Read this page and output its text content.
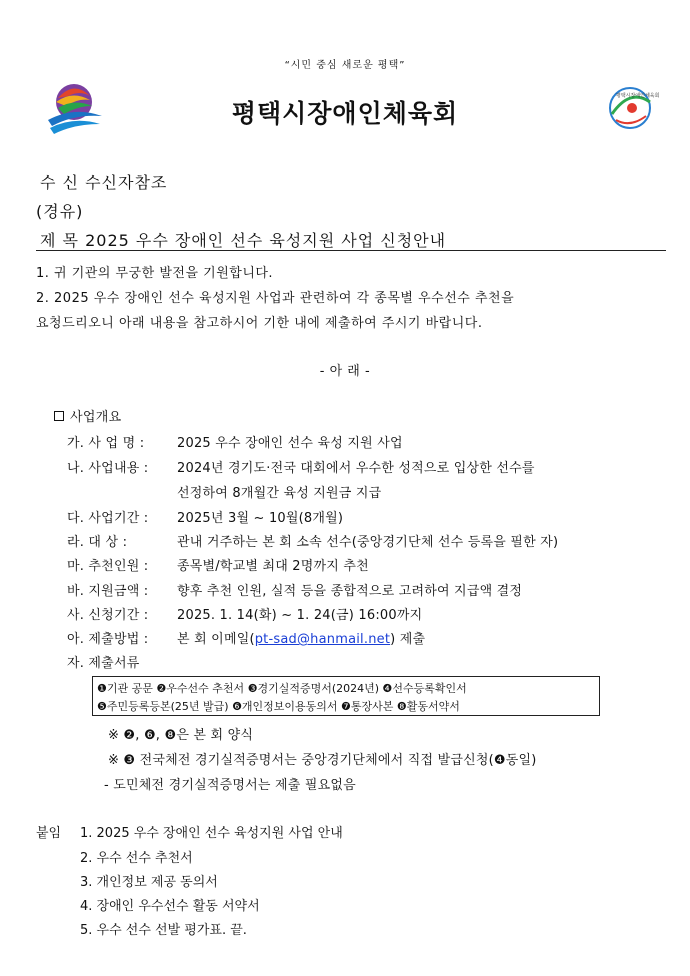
“시민 중심 새로운 평택”
평택시장애인체육회
평택시장애인체육회
수 신 수신자참조
(경유)
제 목 2025 우수 장애인 선수 육성지원 사업 신청안내
1. 귀 기관의 무궁한 발전을 기원합니다.
2. 2025 우수 장애인 선수 육성지원 사업과 관련하여 각 종목별 우수선수 추천을
요청드리오니 아래 내용을 참고하시어 기한 내에 제출하여 주시기 바랍니다.
- 아 래 -
사업개요
가. 사 업 명 :	2025 우수 장애인 선수 육성 지원 사업
나. 사업내용 : 2024년 경기도·전국 대회에서 우수한 성적으로 입상한 선수를
선정하여 8개월간 육성 지원금 지급
다. 사업기간 : 2025년 3월 ~ 10월(8개월)
라. 대 상 :	관내 거주하는 본 회 소속 선수(중앙경기단체 선수 등록을 필한 자)
마. 추천인원 : 종목별/학교별 최대 2명까지 추천
바. 지원금액 : 향후 추천 인원, 실적 등을 종합적으로 고려하여 지급액 결정
사. 신청기간 : 2025. 1. 14(화) ~ 1. 24(금) 16:00까지
아. 제출방법 : 본 회 이메일(pt-sad@hanmail.net) 제출
자. 제출서류
❶기관 공문 ❷우수선수 추천서 ❸경기실적증명서(2024년) ❹선수등록확인서
❺주민등록등본(25년 발급) ❻개인정보이용동의서 ❼통장사본 ❽활동서약서
※ ❷, ❻, ❽은 본 회 양식
※ ❸ 전국체전 경기실적증명서는 중앙경기단체에서 직접 발급신청(❹동일)
- 도민체전 경기실적증명서는 제출 필요없음
붙임 1. 2025 우수 장애인 선수 육성지원 사업 안내
2. 우수 선수 추천서
3. 개인정보 제공 동의서
4. 장애인 우수선수 활동 서약서
5. 우수 선수 선발 평가표. 끝.
